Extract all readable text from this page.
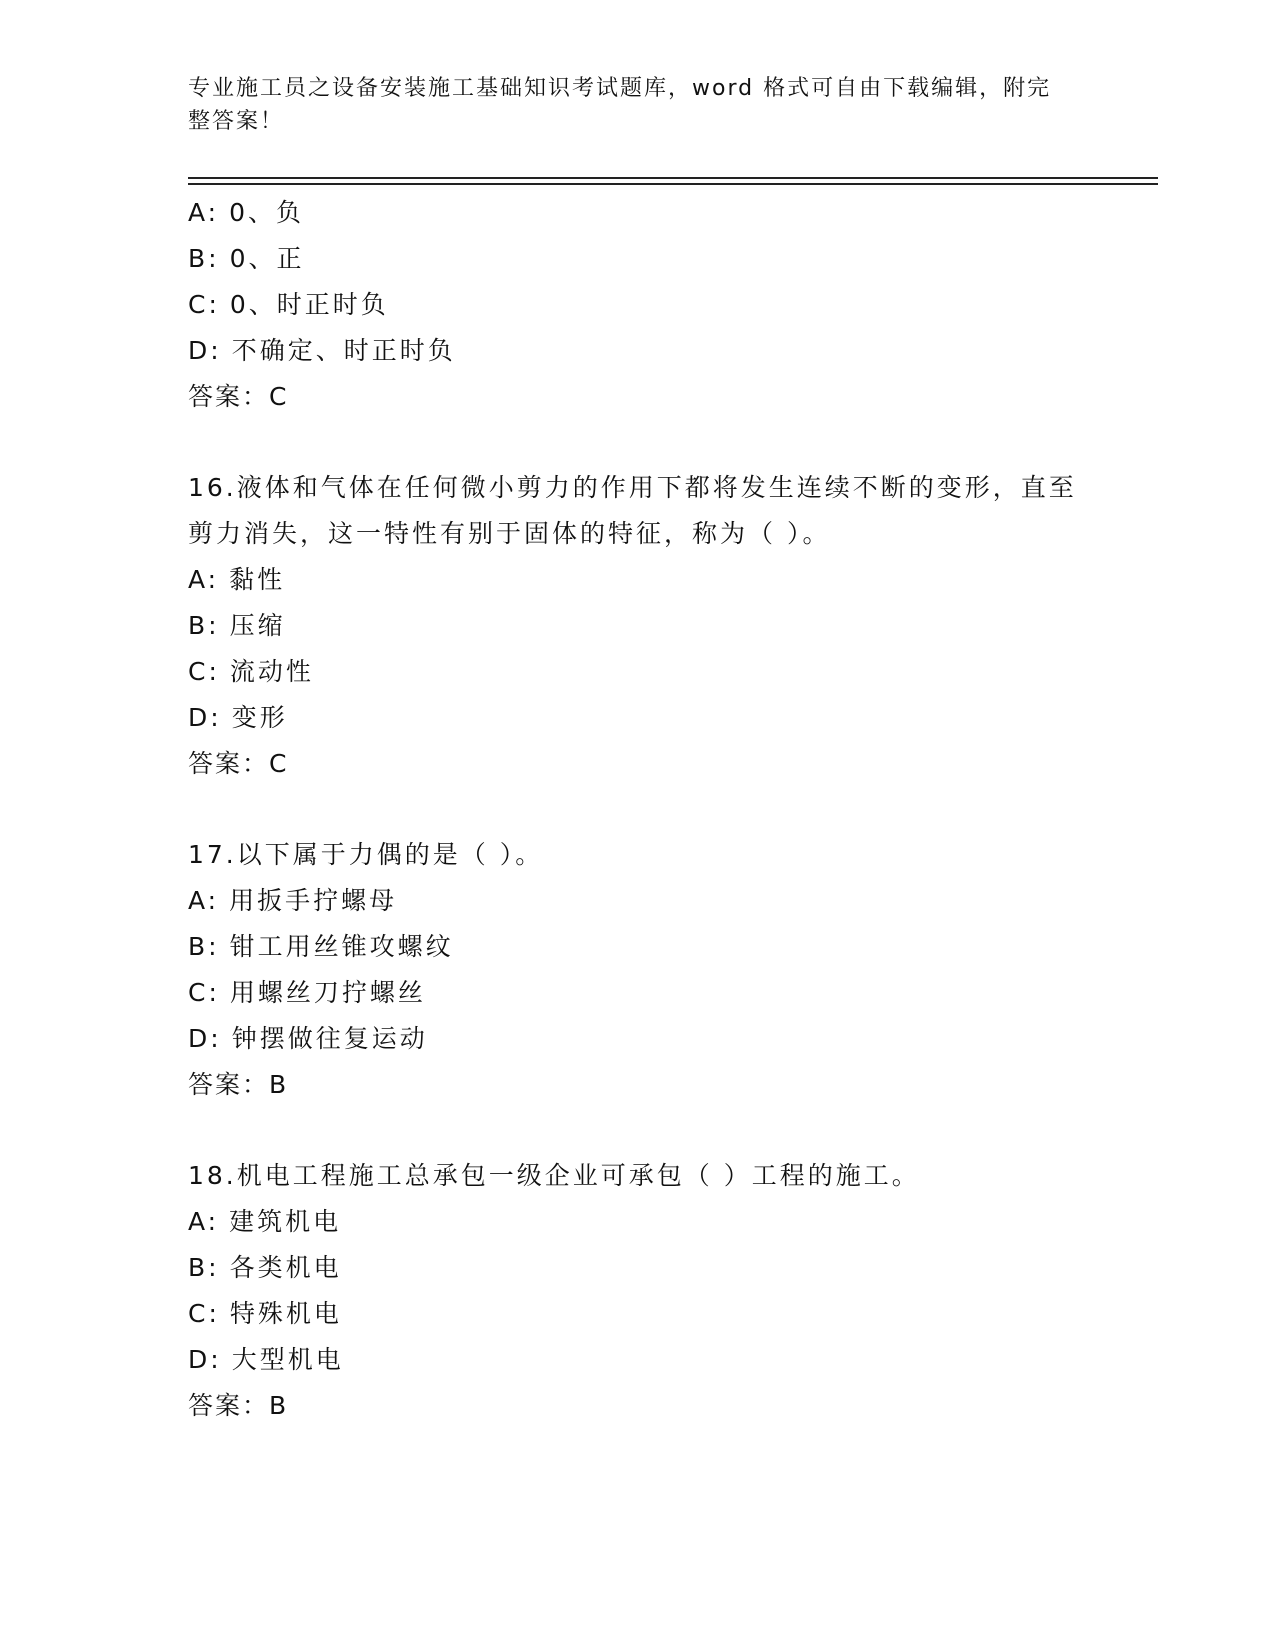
专业施工员之设备安装施工基础知识考试题库，word 格式可自由下载编辑，附完整答案！
A: 0、负
B: 0、正
C: 0、时正时负
D: 不确定、时正时负
答案：C
16.液体和气体在任何微小剪力的作用下都将发生连续不断的变形，直至剪力消失，这一特性有别于固体的特征，称为（ ）。
A: 黏性
B: 压缩
C: 流动性
D: 变形
答案：C
17.以下属于力偶的是（ ）。
A: 用扳手拧螺母
B: 钳工用丝锥攻螺纹
C: 用螺丝刀拧螺丝
D: 钟摆做往复运动
答案：B
18.机电工程施工总承包一级企业可承包（ ）工程的施工。
A: 建筑机电
B: 各类机电
C: 特殊机电
D: 大型机电
答案：B
